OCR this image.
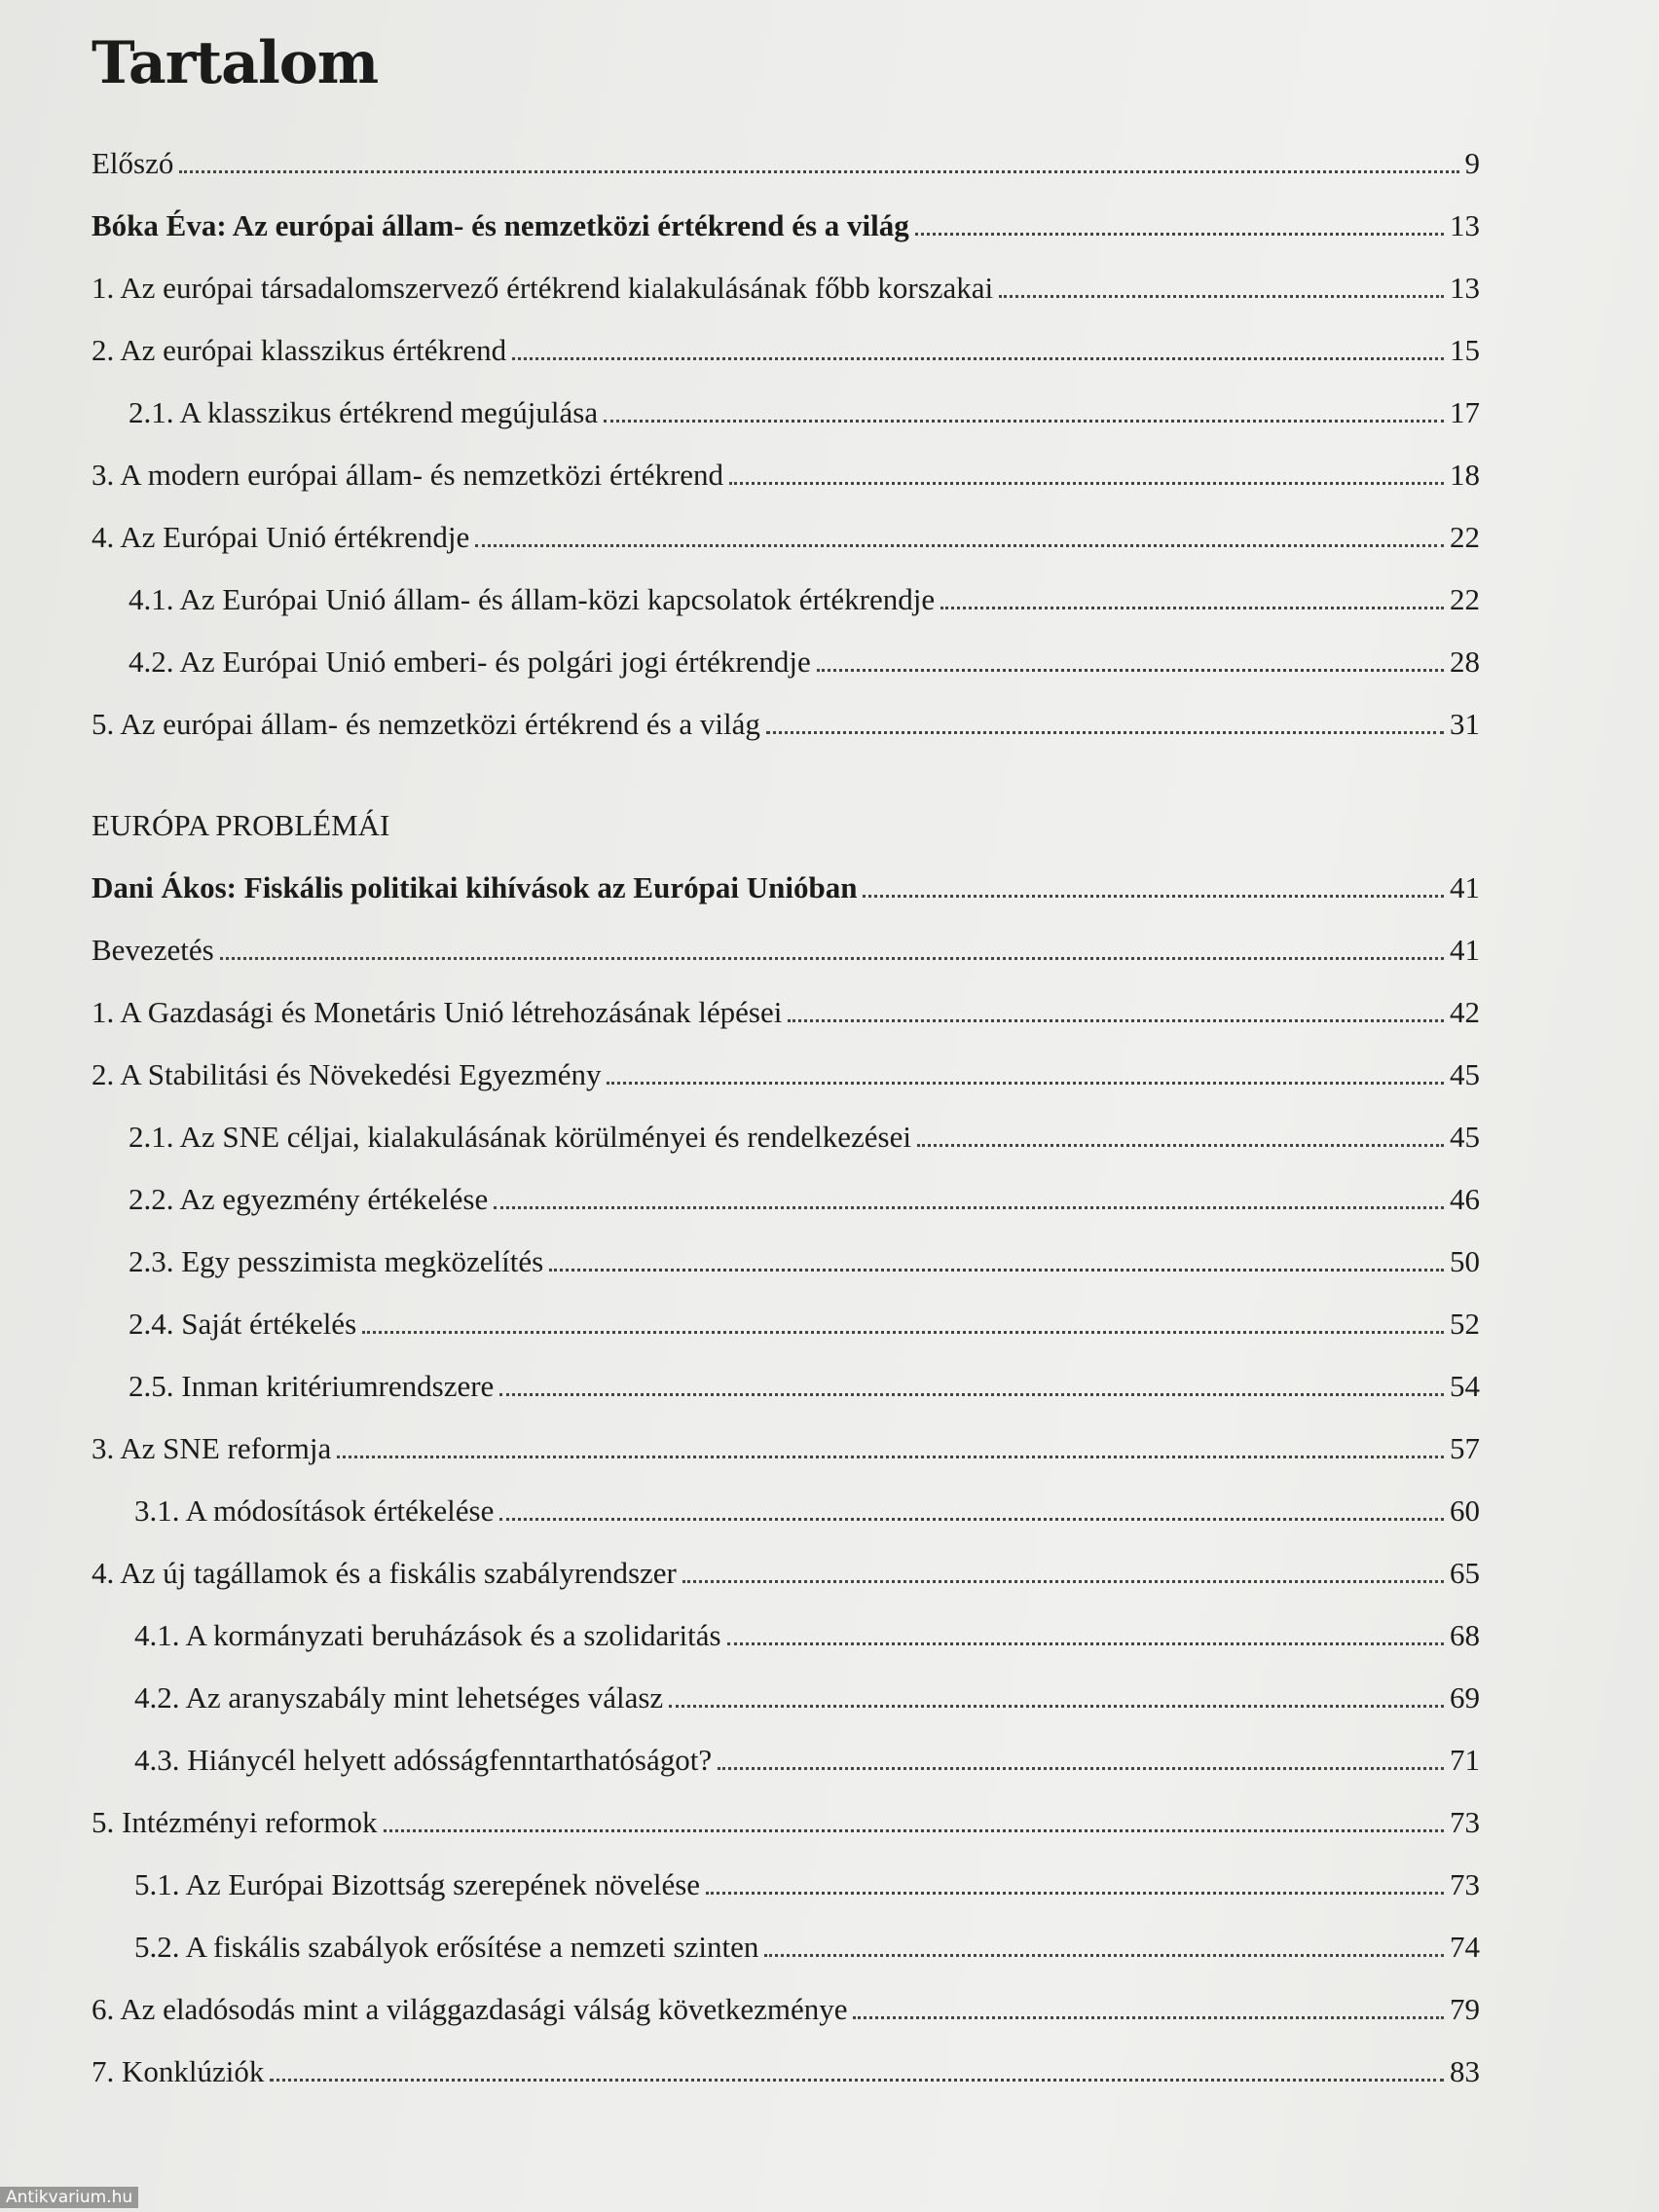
Tartalom
Előszó	9
Bóka Éva: Az európai állam- és nemzetközi értékrend és a világ	13
1. Az európai társadalomszervező értékrend kialakulásának főbb korszakai	13
2. Az európai klasszikus értékrend	15
2.1. A klasszikus értékrend megújulása	17
3. A modern európai állam- és nemzetközi értékrend	18
4. Az Európai Unió értékrendje	22
4.1. Az Európai Unió állam- és állam-közi kapcsolatok értékrendje	22
4.2. Az Európai Unió emberi- és polgári jogi értékrendje	28
5. Az európai állam- és nemzetközi értékrend és a világ	31
EURÓPA PROBLÉMÁI
Dani Ákos: Fiskális politikai kihívások az Európai Unióban	41
Bevezetés	41
1. A Gazdasági és Monetáris Unió létrehozásának lépései	42
2. A Stabilitási és Növekedési Egyezmény	45
2.1. Az SNE céljai, kialakulásának körülményei és rendelkezései	45
2.2. Az egyezmény értékelése	46
2.3. Egy pesszimista megközelítés	50
2.4. Saját értékelés	52
2.5. Inman kritériumrendszere	54
3. Az SNE reformja	57
3.1. A módosítások értékelése	60
4. Az új tagállamok és a fiskális szabályrendszer	65
4.1. A kormányzati beruházások és a szolidaritás	68
4.2. Az aranyszabály mint lehetséges válasz	69
4.3. Hiánycél helyett adósságfenntarthatóságot?	71
5. Intézményi reformok	73
5.1. Az Európai Bizottság szerepének növelése	73
5.2. A fiskális szabályok erősítése a nemzeti szinten	74
6. Az eladósodás mint a világgazdasági válság következménye	79
7. Konklúziók	83
Antikvarium.hu
